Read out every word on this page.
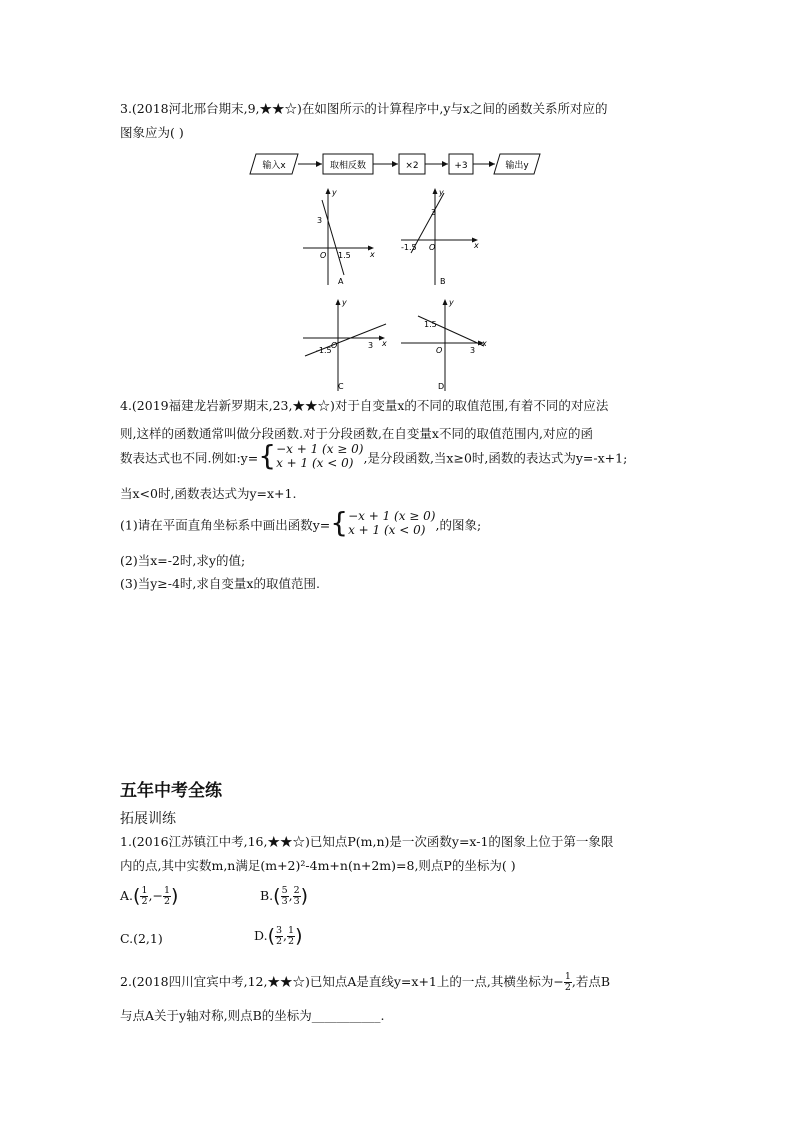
3.(2018河北邢台期末,9,★★☆)在如图所示的计算程序中,y与x之间的函数关系所对应的
图象应为( )
输入x	取相反数	×2	+3	输出y
y
x
3
O 1.5
A
y
x
3
O
-1.5
B
y
x
-1.5
O	3
C
y
x
1.5
O	3
D
4.(2019福建龙岩新罗期末,23,★★☆)对于自变量x的不同的取值范围,有着不同的对应法
则,这样的函数通常叫做分段函数.对于分段函数,在自变量x不同的取值范围内,对应的函
数表达式也不同.例如:y={ −x + 1 (x ≥ 0)
x + 1 (x < 0) ,是分段函数,当x≥0时,函数的表达式为y=-x+1;
当x<0时,函数表达式为y=x+1.
(1)请在平面直角坐标系中画出函数y={ −x + 1 (x ≥ 0)
x + 1 (x < 0) ,的图象;
(2)当x=-2时,求y的值;
(3)当y≥-4时,求自变量x的取值范围.
五年中考全练
拓展训练
1.(2016江苏镇江中考,16,★★☆)已知点P(m,n)是一次函数y=x-1的图象上位于第一象限
内的点,其中实数m,n满足(m+2)²-4m+n(n+2m)=8,则点P的坐标为( )
$A.( \frac{1}{2}$ ,− $\frac{1}{2}$ )	$B.( \frac{5}{3}$ , $\frac{2}{3}$ )
C.(2,1)	$D.( \frac{3}{2}$ , $\frac{1}{2}$ )
2.(2018四川宜宾中考,12,★★☆)已知点A是直线y=x+1上的一点,其横坐标为− $\frac{1}{2}$ ,若点B
与点A关于y轴对称,则点B的坐标为___________.
